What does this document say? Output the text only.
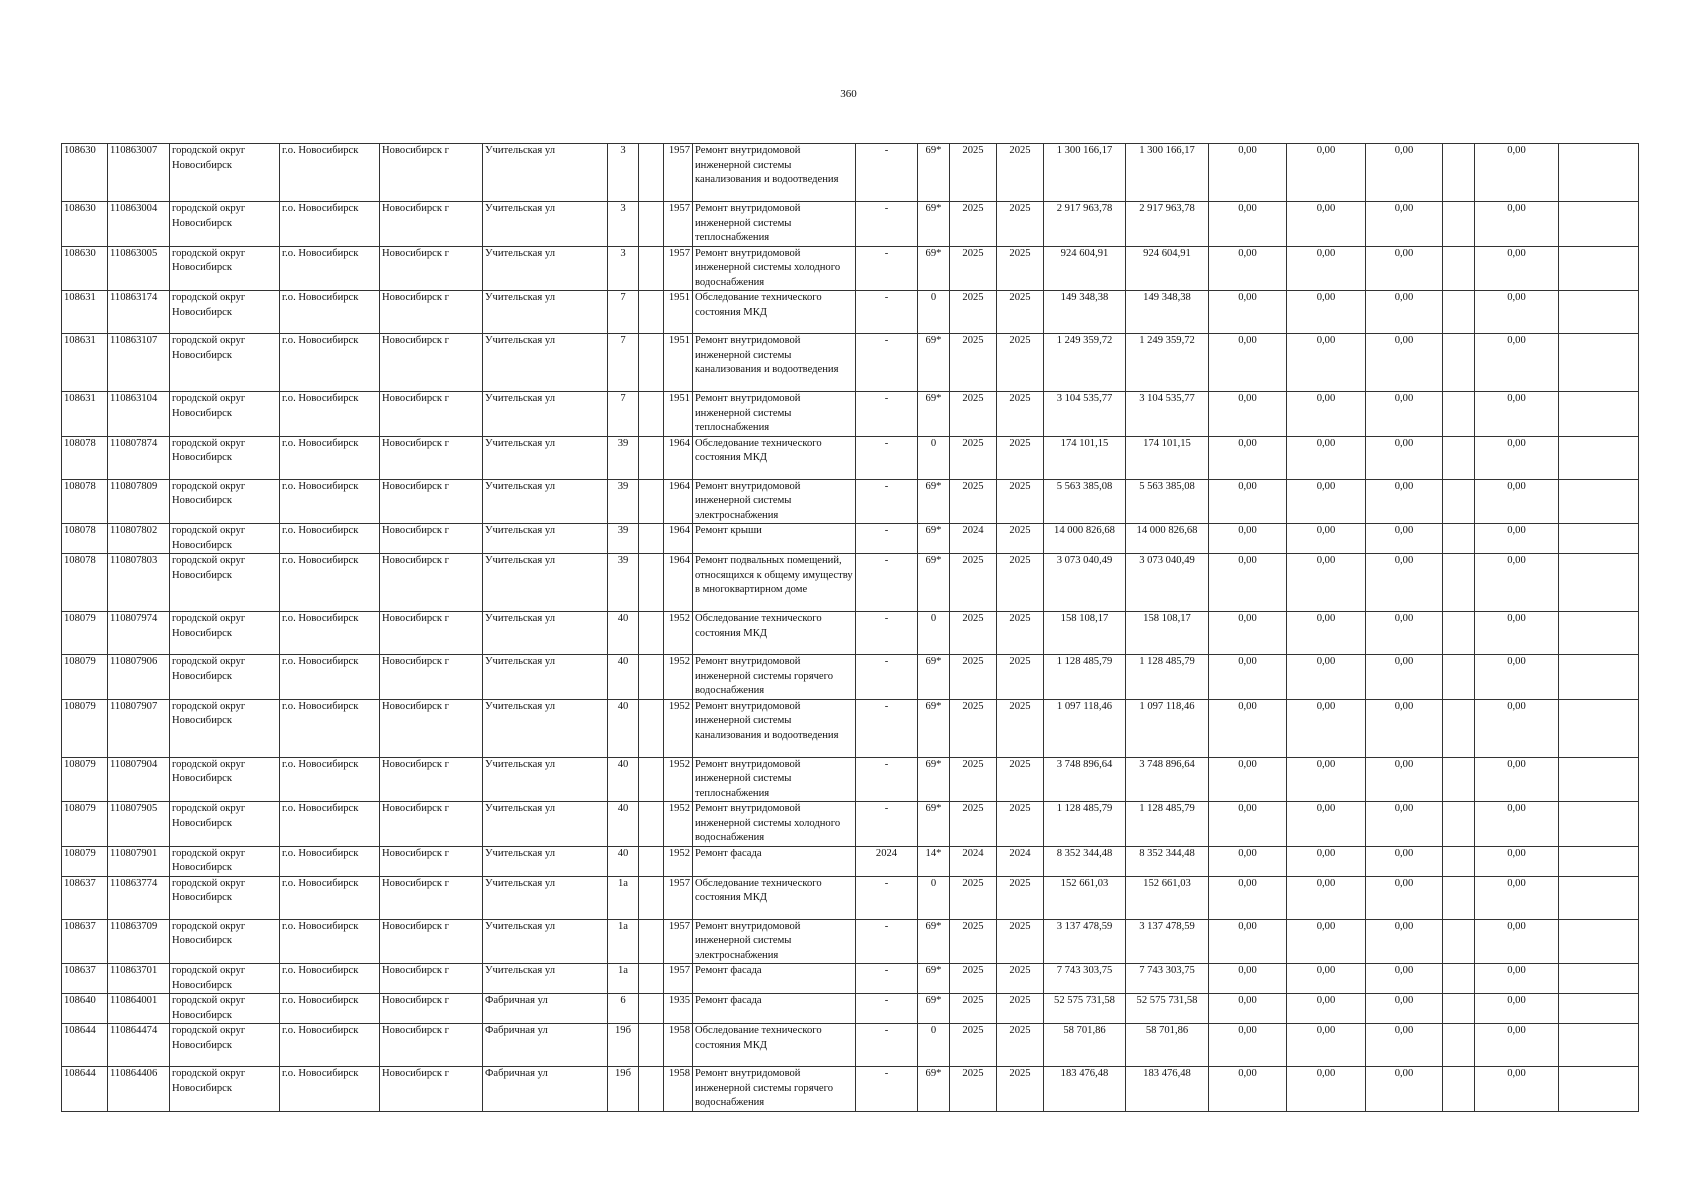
360
108630	110863007	городской округ Новосибирск	г.о. Новосибирск	Новосибирск г	Учительская ул	3		1957	Ремонт внутридомовой инженерной системы канализования и водоотведения	-	69*	2025	2025	1 300 166,17	1 300 166,17	0,00	0,00	0,00		0,00	
108630	110863004	городской округ Новосибирск	г.о. Новосибирск	Новосибирск г	Учительская ул	3		1957	Ремонт внутридомовой инженерной системы теплоснабжения	-	69*	2025	2025	2 917 963,78	2 917 963,78	0,00	0,00	0,00		0,00	
108630	110863005	городской округ Новосибирск	г.о. Новосибирск	Новосибирск г	Учительская ул	3		1957	Ремонт внутридомовой инженерной системы холодного водоснабжения	-	69*	2025	2025	924 604,91	924 604,91	0,00	0,00	0,00		0,00	
108631	110863174	городской округ Новосибирск	г.о. Новосибирск	Новосибирск г	Учительская ул	7		1951	Обследование технического состояния МКД	-	0	2025	2025	149 348,38	149 348,38	0,00	0,00	0,00		0,00	
108631	110863107	городской округ Новосибирск	г.о. Новосибирск	Новосибирск г	Учительская ул	7		1951	Ремонт внутридомовой инженерной системы канализования и водоотведения	-	69*	2025	2025	1 249 359,72	1 249 359,72	0,00	0,00	0,00		0,00	
108631	110863104	городской округ Новосибирск	г.о. Новосибирск	Новосибирск г	Учительская ул	7		1951	Ремонт внутридомовой инженерной системы теплоснабжения	-	69*	2025	2025	3 104 535,77	3 104 535,77	0,00	0,00	0,00		0,00	
108078	110807874	городской округ Новосибирск	г.о. Новосибирск	Новосибирск г	Учительская ул	39		1964	Обследование технического состояния МКД	-	0	2025	2025	174 101,15	174 101,15	0,00	0,00	0,00		0,00	
108078	110807809	городской округ Новосибирск	г.о. Новосибирск	Новосибирск г	Учительская ул	39		1964	Ремонт внутридомовой инженерной системы электроснабжения	-	69*	2025	2025	5 563 385,08	5 563 385,08	0,00	0,00	0,00		0,00	
108078	110807802	городской округ Новосибирск	г.о. Новосибирск	Новосибирск г	Учительская ул	39		1964	Ремонт крыши	-	69*	2024	2025	14 000 826,68	14 000 826,68	0,00	0,00	0,00		0,00	
108078	110807803	городской округ Новосибирск	г.о. Новосибирск	Новосибирск г	Учительская ул	39		1964	Ремонт подвальных помещений, относящихся к общему имуществу в многоквартирном доме	-	69*	2025	2025	3 073 040,49	3 073 040,49	0,00	0,00	0,00		0,00	
108079	110807974	городской округ Новосибирск	г.о. Новосибирск	Новосибирск г	Учительская ул	40		1952	Обследование технического состояния МКД	-	0	2025	2025	158 108,17	158 108,17	0,00	0,00	0,00		0,00	
108079	110807906	городской округ Новосибирск	г.о. Новосибирск	Новосибирск г	Учительская ул	40		1952	Ремонт внутридомовой инженерной системы горячего водоснабжения	-	69*	2025	2025	1 128 485,79	1 128 485,79	0,00	0,00	0,00		0,00	
108079	110807907	городской округ Новосибирск	г.о. Новосибирск	Новосибирск г	Учительская ул	40		1952	Ремонт внутридомовой инженерной системы канализования и водоотведения	-	69*	2025	2025	1 097 118,46	1 097 118,46	0,00	0,00	0,00		0,00	
108079	110807904	городской округ Новосибирск	г.о. Новосибирск	Новосибирск г	Учительская ул	40		1952	Ремонт внутридомовой инженерной системы теплоснабжения	-	69*	2025	2025	3 748 896,64	3 748 896,64	0,00	0,00	0,00		0,00	
108079	110807905	городской округ Новосибирск	г.о. Новосибирск	Новосибирск г	Учительская ул	40		1952	Ремонт внутридомовой инженерной системы холодного водоснабжения	-	69*	2025	2025	1 128 485,79	1 128 485,79	0,00	0,00	0,00		0,00	
108079	110807901	городской округ Новосибирск	г.о. Новосибирск	Новосибирск г	Учительская ул	40		1952	Ремонт фасада	2024	14*	2024	2024	8 352 344,48	8 352 344,48	0,00	0,00	0,00		0,00	
108637	110863774	городской округ Новосибирск	г.о. Новосибирск	Новосибирск г	Учительская ул	1а		1957	Обследование технического состояния МКД	-	0	2025	2025	152 661,03	152 661,03	0,00	0,00	0,00		0,00	
108637	110863709	городской округ Новосибирск	г.о. Новосибирск	Новосибирск г	Учительская ул	1а		1957	Ремонт внутридомовой инженерной системы электроснабжения	-	69*	2025	2025	3 137 478,59	3 137 478,59	0,00	0,00	0,00		0,00	
108637	110863701	городской округ Новосибирск	г.о. Новосибирск	Новосибирск г	Учительская ул	1а		1957	Ремонт фасада	-	69*	2025	2025	7 743 303,75	7 743 303,75	0,00	0,00	0,00		0,00	
108640	110864001	городской округ Новосибирск	г.о. Новосибирск	Новосибирск г	Фабричная ул	6		1935	Ремонт фасада	-	69*	2025	2025	52 575 731,58	52 575 731,58	0,00	0,00	0,00		0,00	
108644	110864474	городской округ Новосибирск	г.о. Новосибирск	Новосибирск г	Фабричная ул	19б		1958	Обследование технического состояния МКД	-	0	2025	2025	58 701,86	58 701,86	0,00	0,00	0,00		0,00	
108644	110864406	городской округ Новосибирск	г.о. Новосибирск	Новосибирск г	Фабричная ул	19б		1958	Ремонт внутридомовой инженерной системы горячего водоснабжения	-	69*	2025	2025	183 476,48	183 476,48	0,00	0,00	0,00		0,00	
